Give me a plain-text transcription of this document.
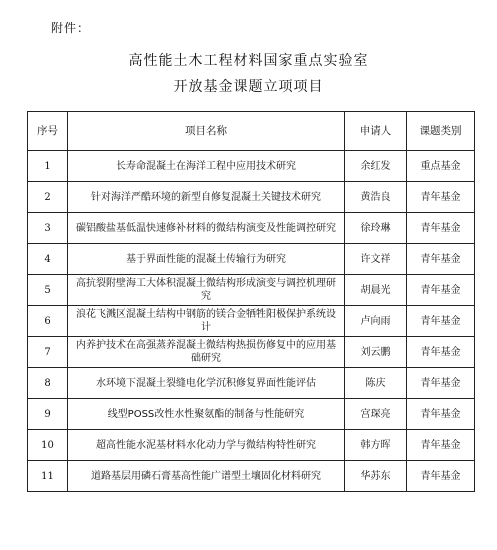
附件：
高性能土木工程材料国家重点实验室
开放基金课题立项项目
序号	项目名称	申请人	课题类别
1	长寿命混凝土在海洋工程中应用技术研究	余红发	重点基金
2	针对海洋严酷环境的新型自修复混凝土关键技术研究	黄浩良	青年基金
3	碳铝酸盐基低温快速修补材料的微结构演变及性能调控研究	徐玲琳	青年基金
4	基于界面性能的混凝土传输行为研究	许文祥	青年基金
5	高抗裂附壁海工大体积混凝土微结构形成演变与调控机理研究	胡晨光	青年基金
6	浪花飞溅区混凝土结构中钢筋的镁合金牺牲阳极保护系统设计	卢向雨	青年基金
7	内养护技术在高强蒸养混凝土微结构热损伤修复中的应用基础研究	刘云鹏	青年基金
8	水环境下混凝土裂缝电化学沉积修复界面性能评估	陈庆	青年基金
9	线型POSS改性水性聚氨酯的制备与性能研究	宫琛亮	青年基金
10	超高性能水泥基材料水化动力学与微结构特性研究	韩方晖	青年基金
11	道路基层用磷石膏基高性能广谱型土壤固化材料研究	华苏东	青年基金
